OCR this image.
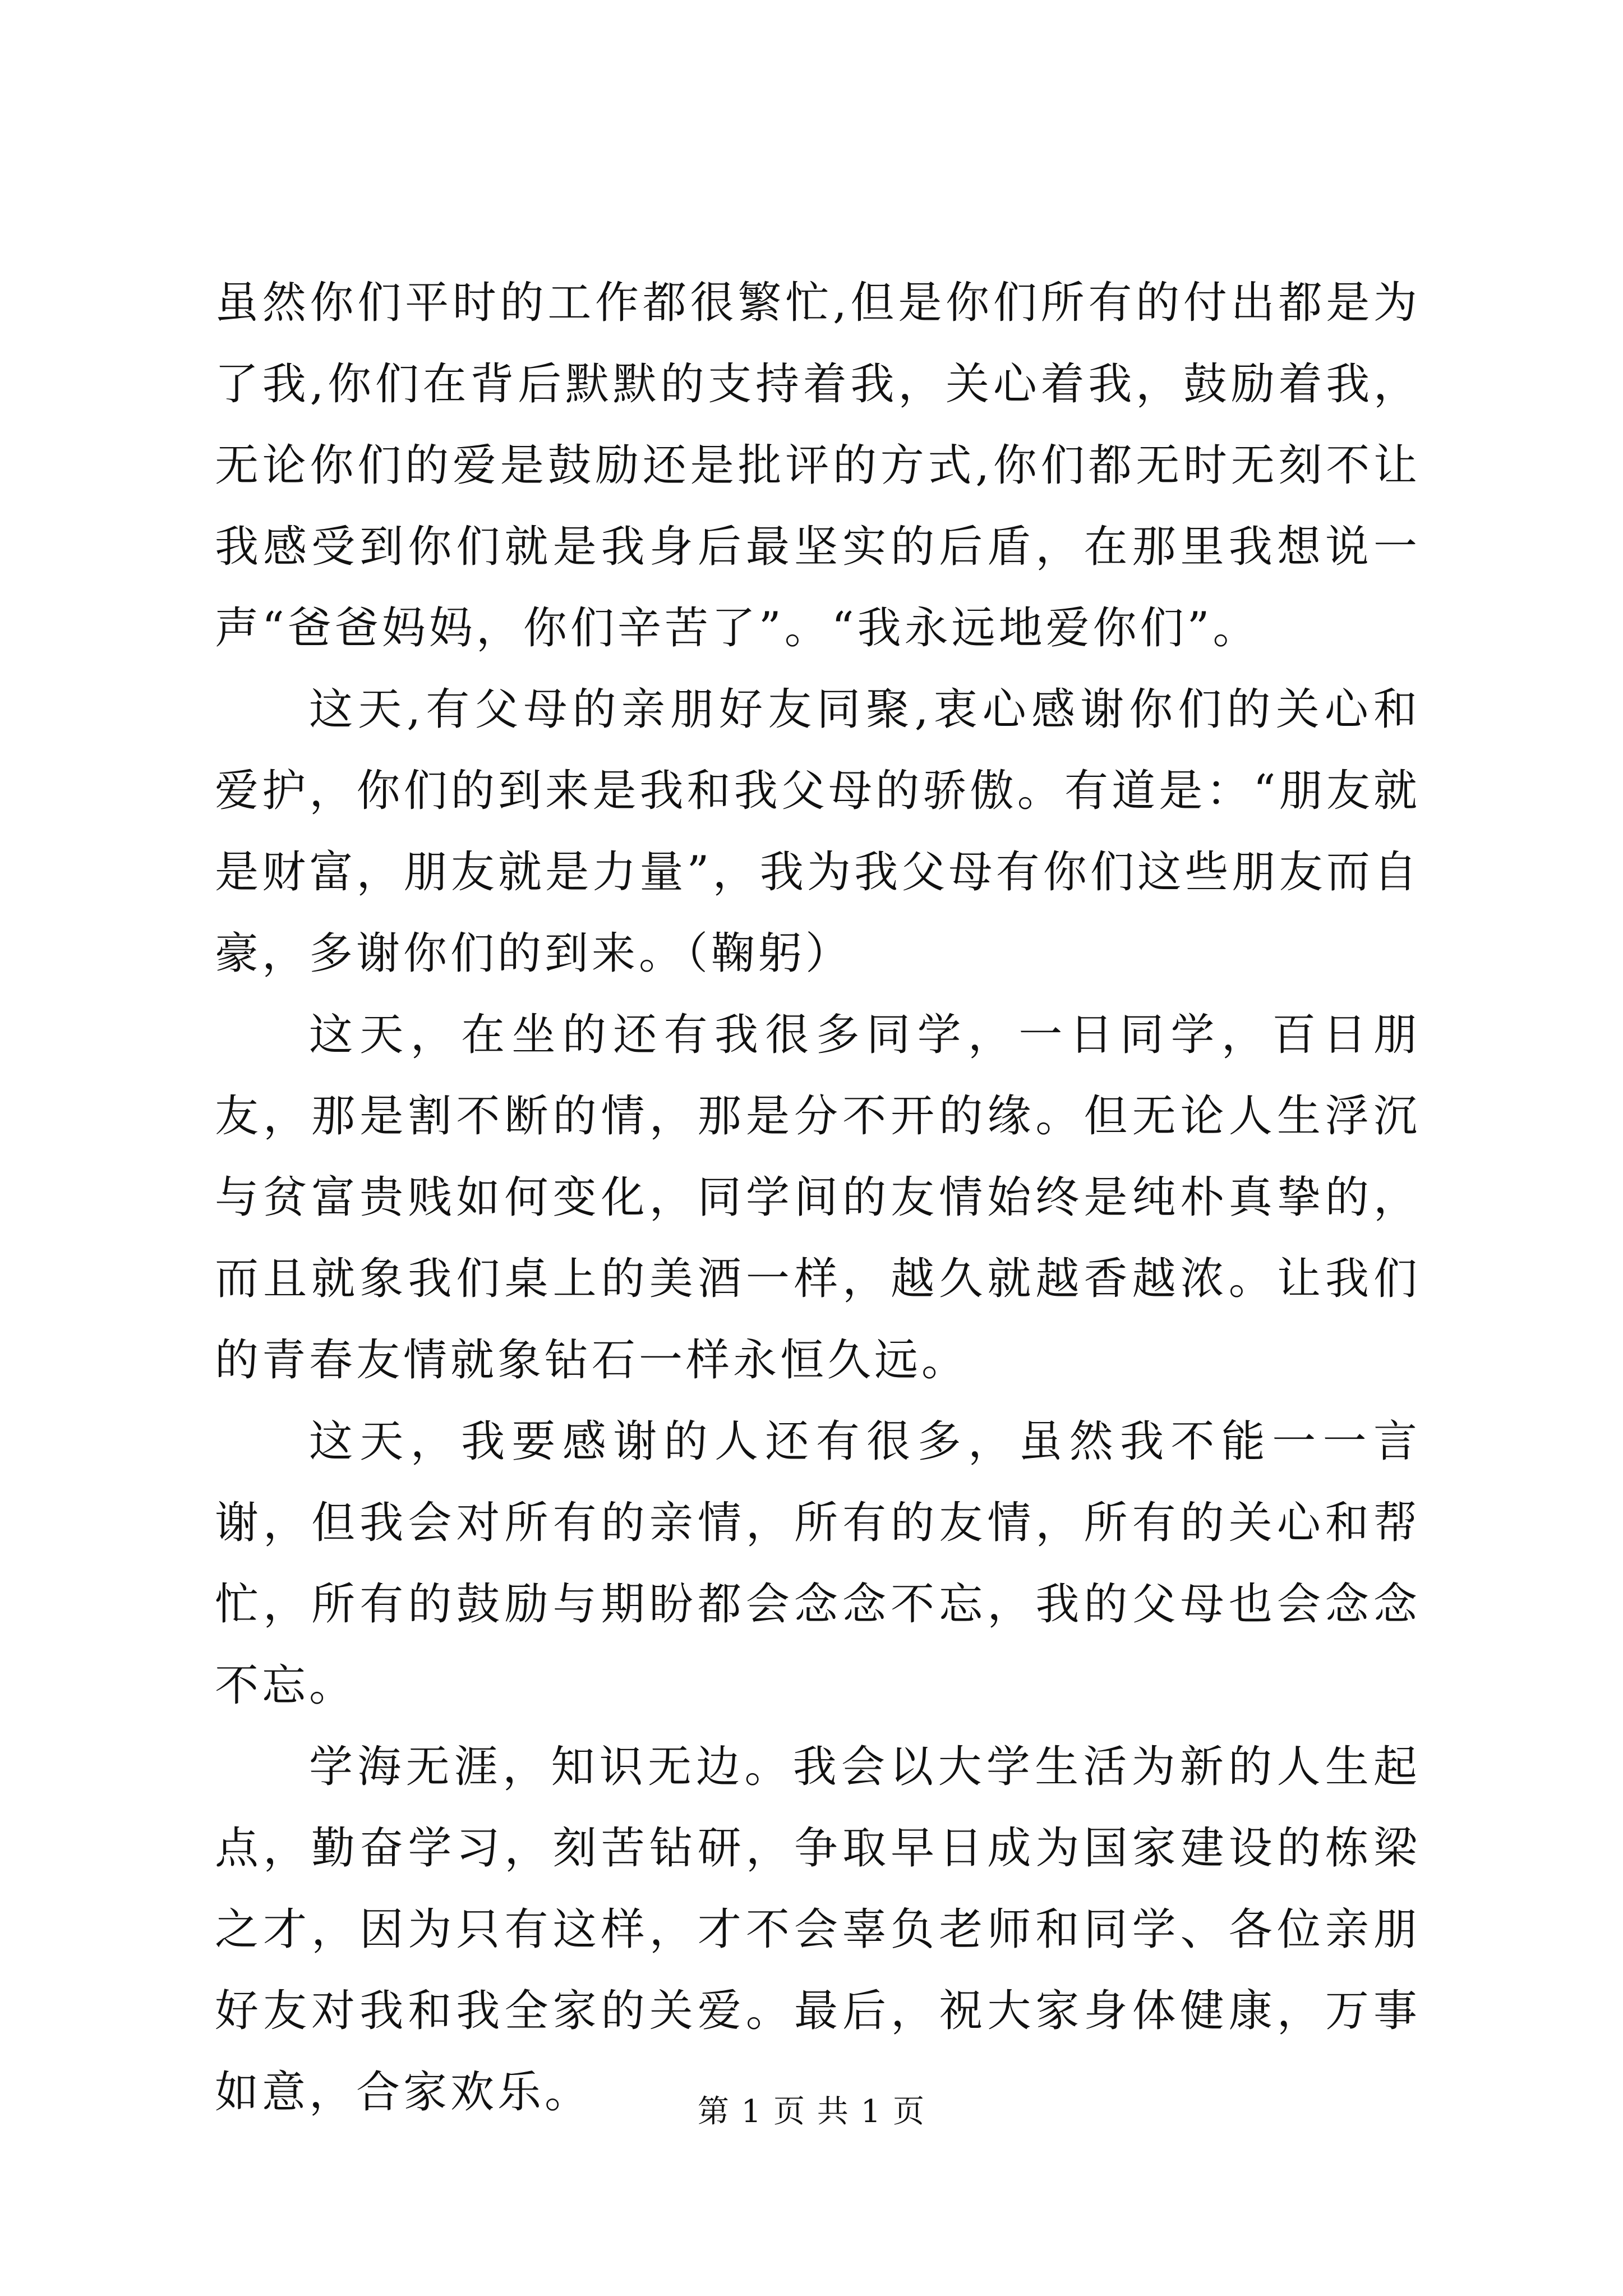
虽然你们平时的工作都很繁忙,但是你们所有的付出都是为了我,你们在背后默默的支持着我，关心着我，鼓励着我，无论你们的爱是鼓励还是批评的方式,你们都无时无刻不让我感受到你们就是我身后最坚实的后盾，在那里我想说一声“爸爸妈妈，你们辛苦了”。“我永远地爱你们”。

这天,有父母的亲朋好友同聚,衷心感谢你们的关心和爱护，你们的到来是我和我父母的骄傲。有道是：“朋友就是财富，朋友就是力量”，我为我父母有你们这些朋友而自豪，多谢你们的到来。（鞠躬）

这天，在坐的还有我很多同学，一日同学，百日朋友，那是割不断的情，那是分不开的缘。但无论人生浮沉与贫富贵贱如何变化，同学间的友情始终是纯朴真挚的，而且就象我们桌上的美酒一样，越久就越香越浓。让我们的青春友情就象钻石一样永恒久远。

这天，我要感谢的人还有很多，虽然我不能一一言谢，但我会对所有的亲情，所有的友情，所有的关心和帮忙，所有的鼓励与期盼都会念念不忘，我的父母也会念念不忘。

学海无涯，知识无边。我会以大学生活为新的人生起点，勤奋学习，刻苦钻研，争取早日成为国家建设的栋梁之才，因为只有这样，才不会辜负老师和同学、各位亲朋好友对我和我全家的关爱。最后，祝大家身体健康，万事如意，合家欢乐。	第 1 页 共 1 页
